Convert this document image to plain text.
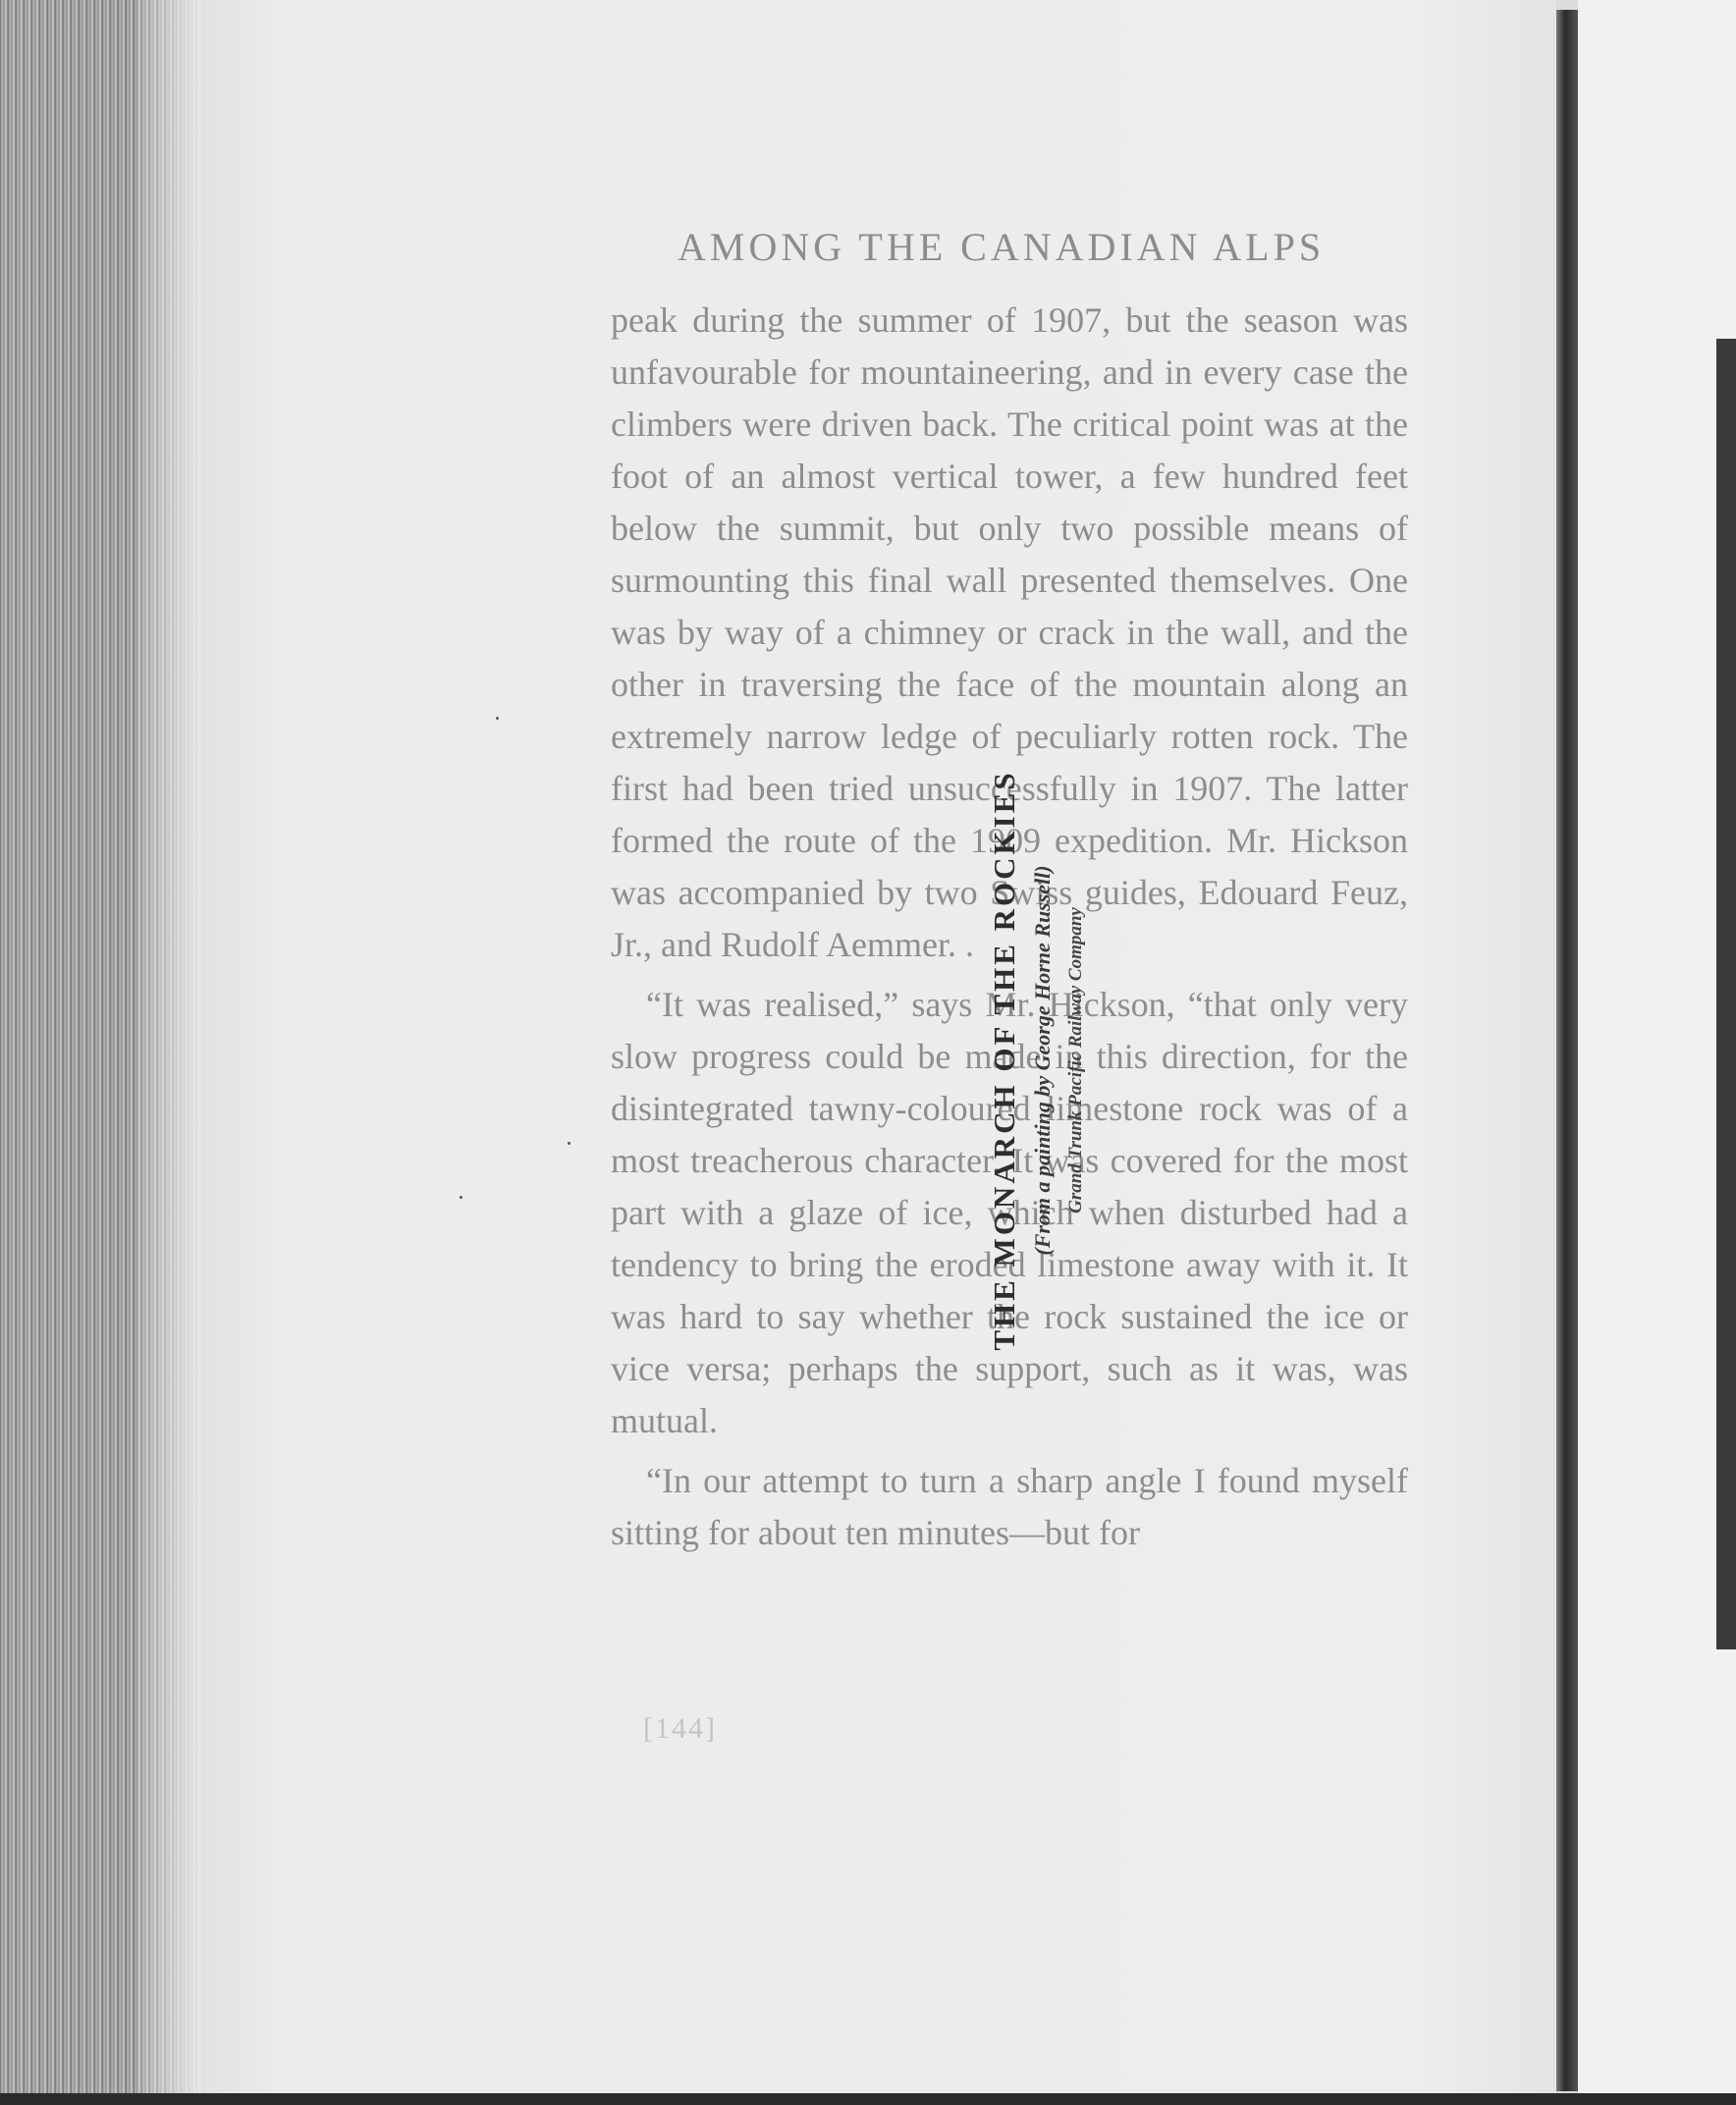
AMONG THE CANADIAN ALPS

peak during the summer of 1907, but the season was unfavourable for mountaineering, and in every case the climbers were driven back. The critical point was at the foot of an almost vertical tower, a few hundred feet below the summit, but only two possible means of surmounting this final wall presented themselves. One was by way of a chimney or crack in the wall, and the other in traversing the face of the mountain along an extremely narrow ledge of peculiarly rotten rock. The first had been tried unsuccessfully in 1907. The latter formed the route of the 1909 expedition. Mr. Hickson was accompanied by two Swiss guides, Edouard Feuz, Jr., and Rudolf Aemmer. .

“It was realised,” says Mr. Hickson, “that only very slow progress could be made in this direction, for the disintegrated tawny-coloured limestone rock was of a most treacherous character. It was covered for the most part with a glaze of ice, which when disturbed had a tendency to bring the eroded limestone away with it. It was hard to say whether the rock sustained the ice or vice versa; perhaps the support, such as it was, was mutual.

“In our attempt to turn a sharp angle I found myself sitting for about ten minutes—but for

[144]
THE MONARCH OF THE ROCKIES (From a painting by George Horne Russell) Grand Trunk Pacific Railway Company
